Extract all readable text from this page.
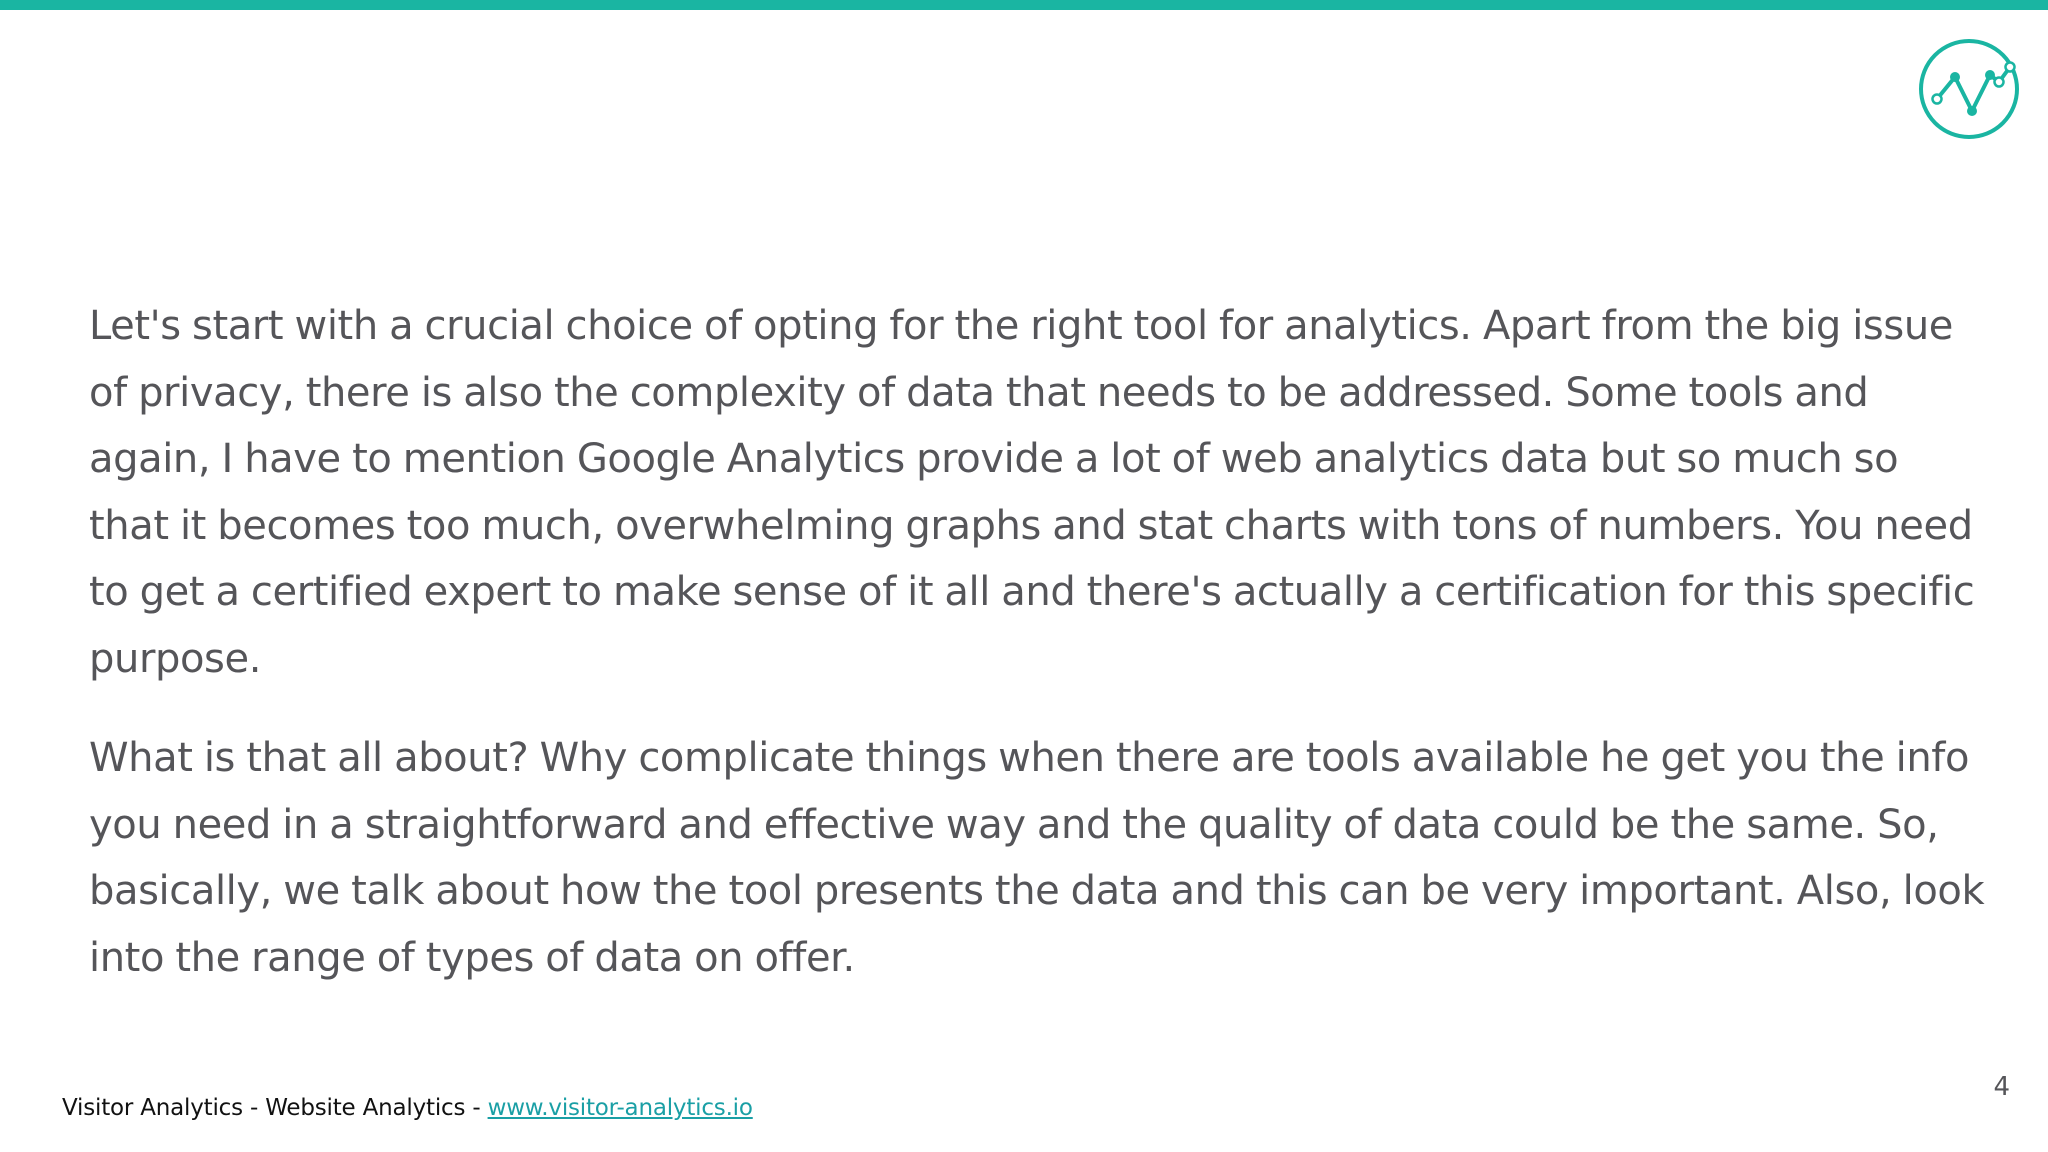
Let's start with a crucial choice of opting for the right tool for analytics. Apart from the big issue of privacy, there is also the complexity of data that needs to be addressed. Some tools and again, I have to mention Google Analytics provide a lot of web analytics data but so much so that it becomes too much, overwhelming graphs and stat charts with tons of numbers. You need to get a certified expert to make sense of it all and there's actually a certification for this specific purpose.

What is that all about? Why complicate things when there are tools available he get you the info you need in a straightforward and effective way and the quality of data could be the same. So, basically, we talk about how the tool presents the data and this can be very important. Also, look into the range of types of data on offer.

Visitor Analytics - Website Analytics - www.visitor-analytics.io
4
